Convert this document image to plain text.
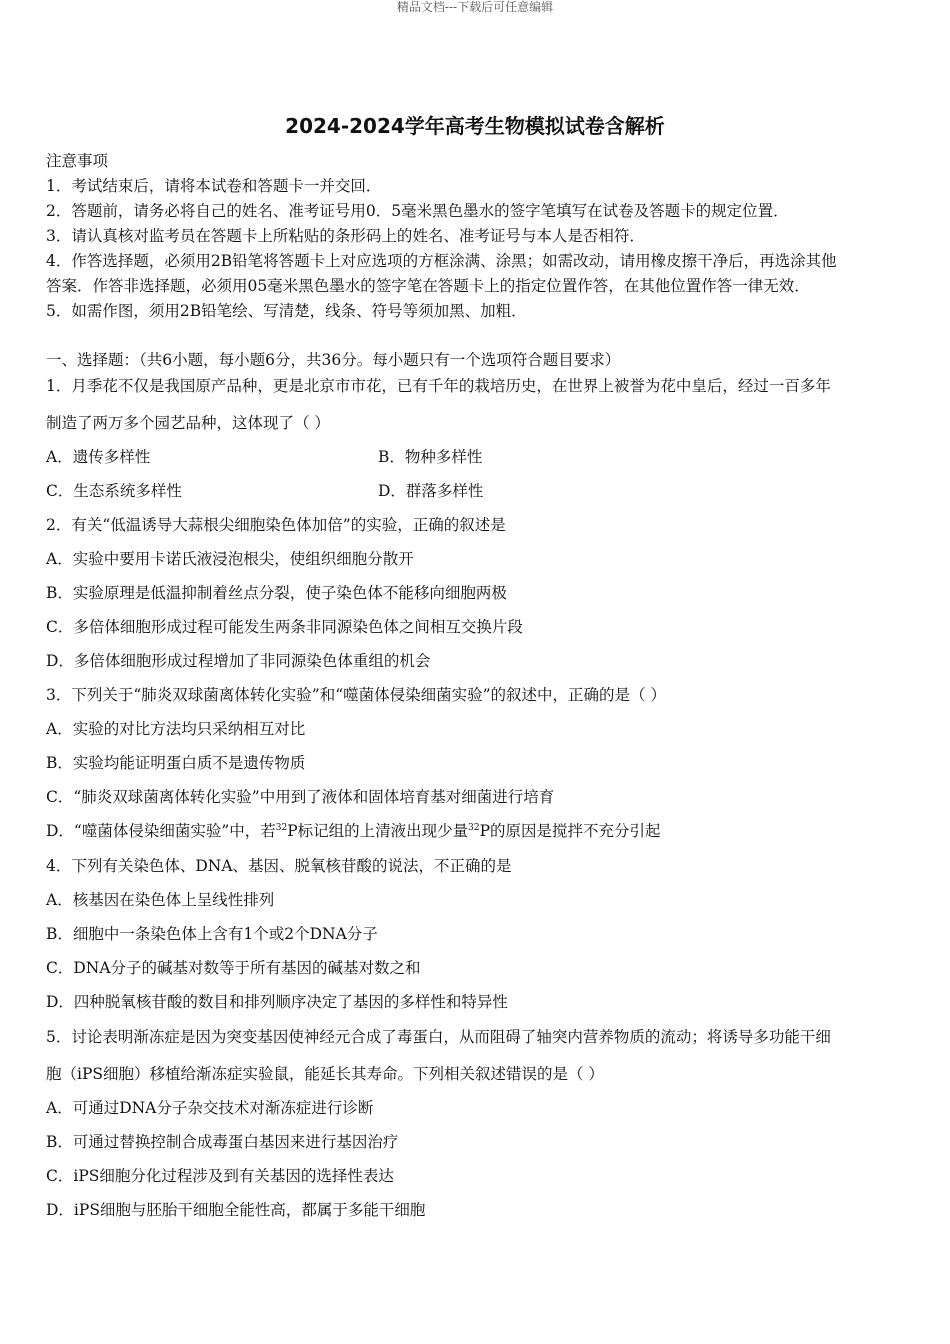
精品文档---下载后可任意编辑
2024-2024学年高考生物模拟试卷含解析
注意事项
1．考试结束后，请将本试卷和答题卡一并交回．
2．答题前，请务必将自己的姓名、准考证号用0．5毫米黑色墨水的签字笔填写在试卷及答题卡的规定位置．
3．请认真核对监考员在答题卡上所粘贴的条形码上的姓名、准考证号与本人是否相符．
4．作答选择题，必须用2B铅笔将答题卡上对应选项的方框涂满、涂黑；如需改动，请用橡皮擦干净后，再选涂其他
答案．作答非选择题，必须用05毫米黑色墨水的签字笔在答题卡上的指定位置作答，在其他位置作答一律无效．
5．如需作图，须用2B铅笔绘、写清楚，线条、符号等须加黑、加粗．
一、选择题：（共6小题，每小题6分，共36分。每小题只有一个选项符合题目要求）
1．月季花不仅是我国原产品种，更是北京市市花，已有千年的栽培历史，在世界上被誉为花中皇后，经过一百多年
制造了两万多个园艺品种，这体现了（ ）
A．遗传多样性	B．物种多样性
C．生态系统多样性	D．群落多样性
2．有关“低温诱导大蒜根尖细胞染色体加倍”的实验，正确的叙述是
A．实验中要用卡诺氏液浸泡根尖，使组织细胞分散开
B．实验原理是低温抑制着丝点分裂，使子染色体不能移向细胞两极
C．多倍体细胞形成过程可能发生两条非同源染色体之间相互交换片段
D．多倍体细胞形成过程增加了非同源染色体重组的机会
3．下列关于“肺炎双球菌离体转化实验”和“噬菌体侵染细菌实验”的叙述中，正确的是（ ）
A．实验的对比方法均只采纳相互对比
B．实验均能证明蛋白质不是遗传物质
C．“肺炎双球菌离体转化实验”中用到了液体和固体培育基对细菌进行培育
D．“噬菌体侵染细菌实验”中，若$^{32}$P标记组的上清液出现少量$^{32}$P的原因是搅拌不充分引起
4．下列有关染色体、DNA、基因、脱氧核苷酸的说法，不正确的是
A．核基因在染色体上呈线性排列
B．细胞中一条染色体上含有1个或2个DNA分子
C．DNA分子的碱基对数等于所有基因的碱基对数之和
D．四种脱氧核苷酸的数目和排列顺序决定了基因的多样性和特异性
5．讨论表明渐冻症是因为突变基因使神经元合成了毒蛋白，从而阻碍了轴突内营养物质的流动；将诱导多功能干细
胞（iPS细胞）移植给渐冻症实验鼠，能延长其寿命。下列相关叙述错误的是（ ）
A．可通过DNA分子杂交技术对渐冻症进行诊断
B．可通过替换控制合成毒蛋白基因来进行基因治疗
C．iPS细胞分化过程涉及到有关基因的选择性表达
D．iPS细胞与胚胎干细胞全能性高，都属于多能干细胞
